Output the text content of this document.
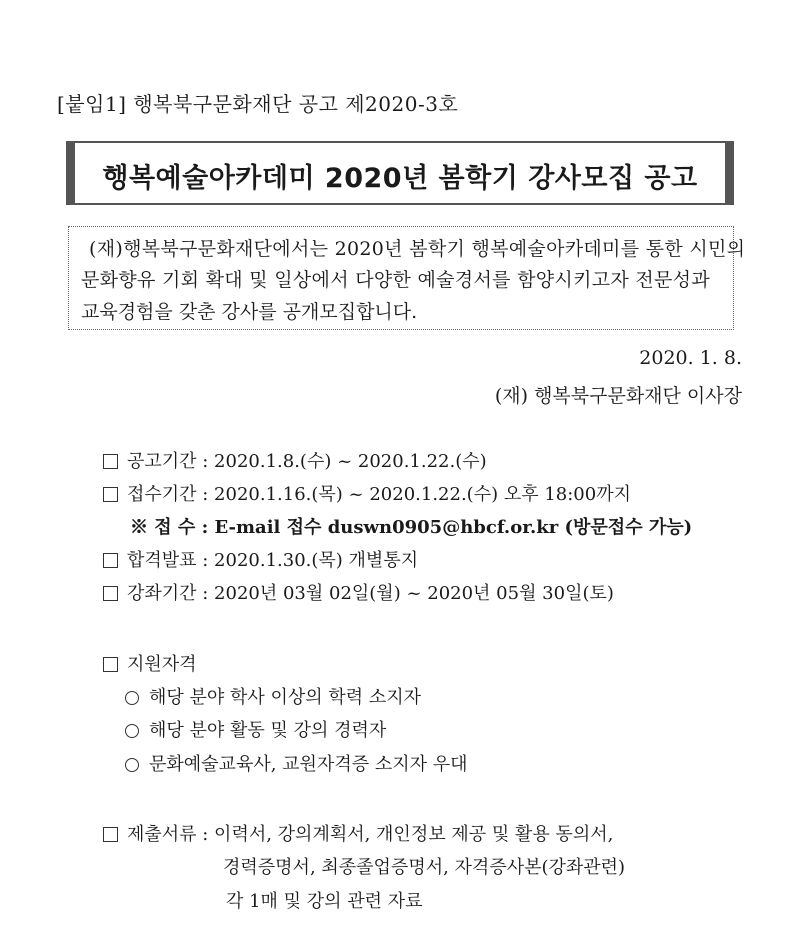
[붙임1] 행복북구문화재단 공고 제2020-3호
행복예술아카데미 2020년 봄학기 강사모집 공고
(재)행복북구문화재단에서는 2020년 봄학기 행복예술아카데미를 통한 시민의
문화향유 기회 확대 및 일상에서 다양한 예술경서를 함양시키고자 전문성과
교육경험을 갖춘 강사를 공개모집합니다.
2020. 1. 8.
(재) 행복북구문화재단 이사장
공고기간 : 2020.1.8.(수) ~ 2020.1.22.(수)
접수기간 : 2020.1.16.(목) ~ 2020.1.22.(수) 오후 18:00까지
※ 접 수 : E-mail 접수 duswn0905@hbcf.or.kr (방문접수 가능)
합격발표 : 2020.1.30.(목) 개별통지
강좌기간 : 2020년 03월 02일(월) ~ 2020년 05월 30일(토)
지원자격
해당 분야 학사 이상의 학력 소지자
해당 분야 활동 및 강의 경력자
문화예술교육사, 교원자격증 소지자 우대
제출서류 : 이력서, 강의계획서, 개인정보 제공 및 활용 동의서,
경력증명서, 최종졸업증명서, 자격증사본(강좌관련)
각 1매 및 강의 관련 자료
